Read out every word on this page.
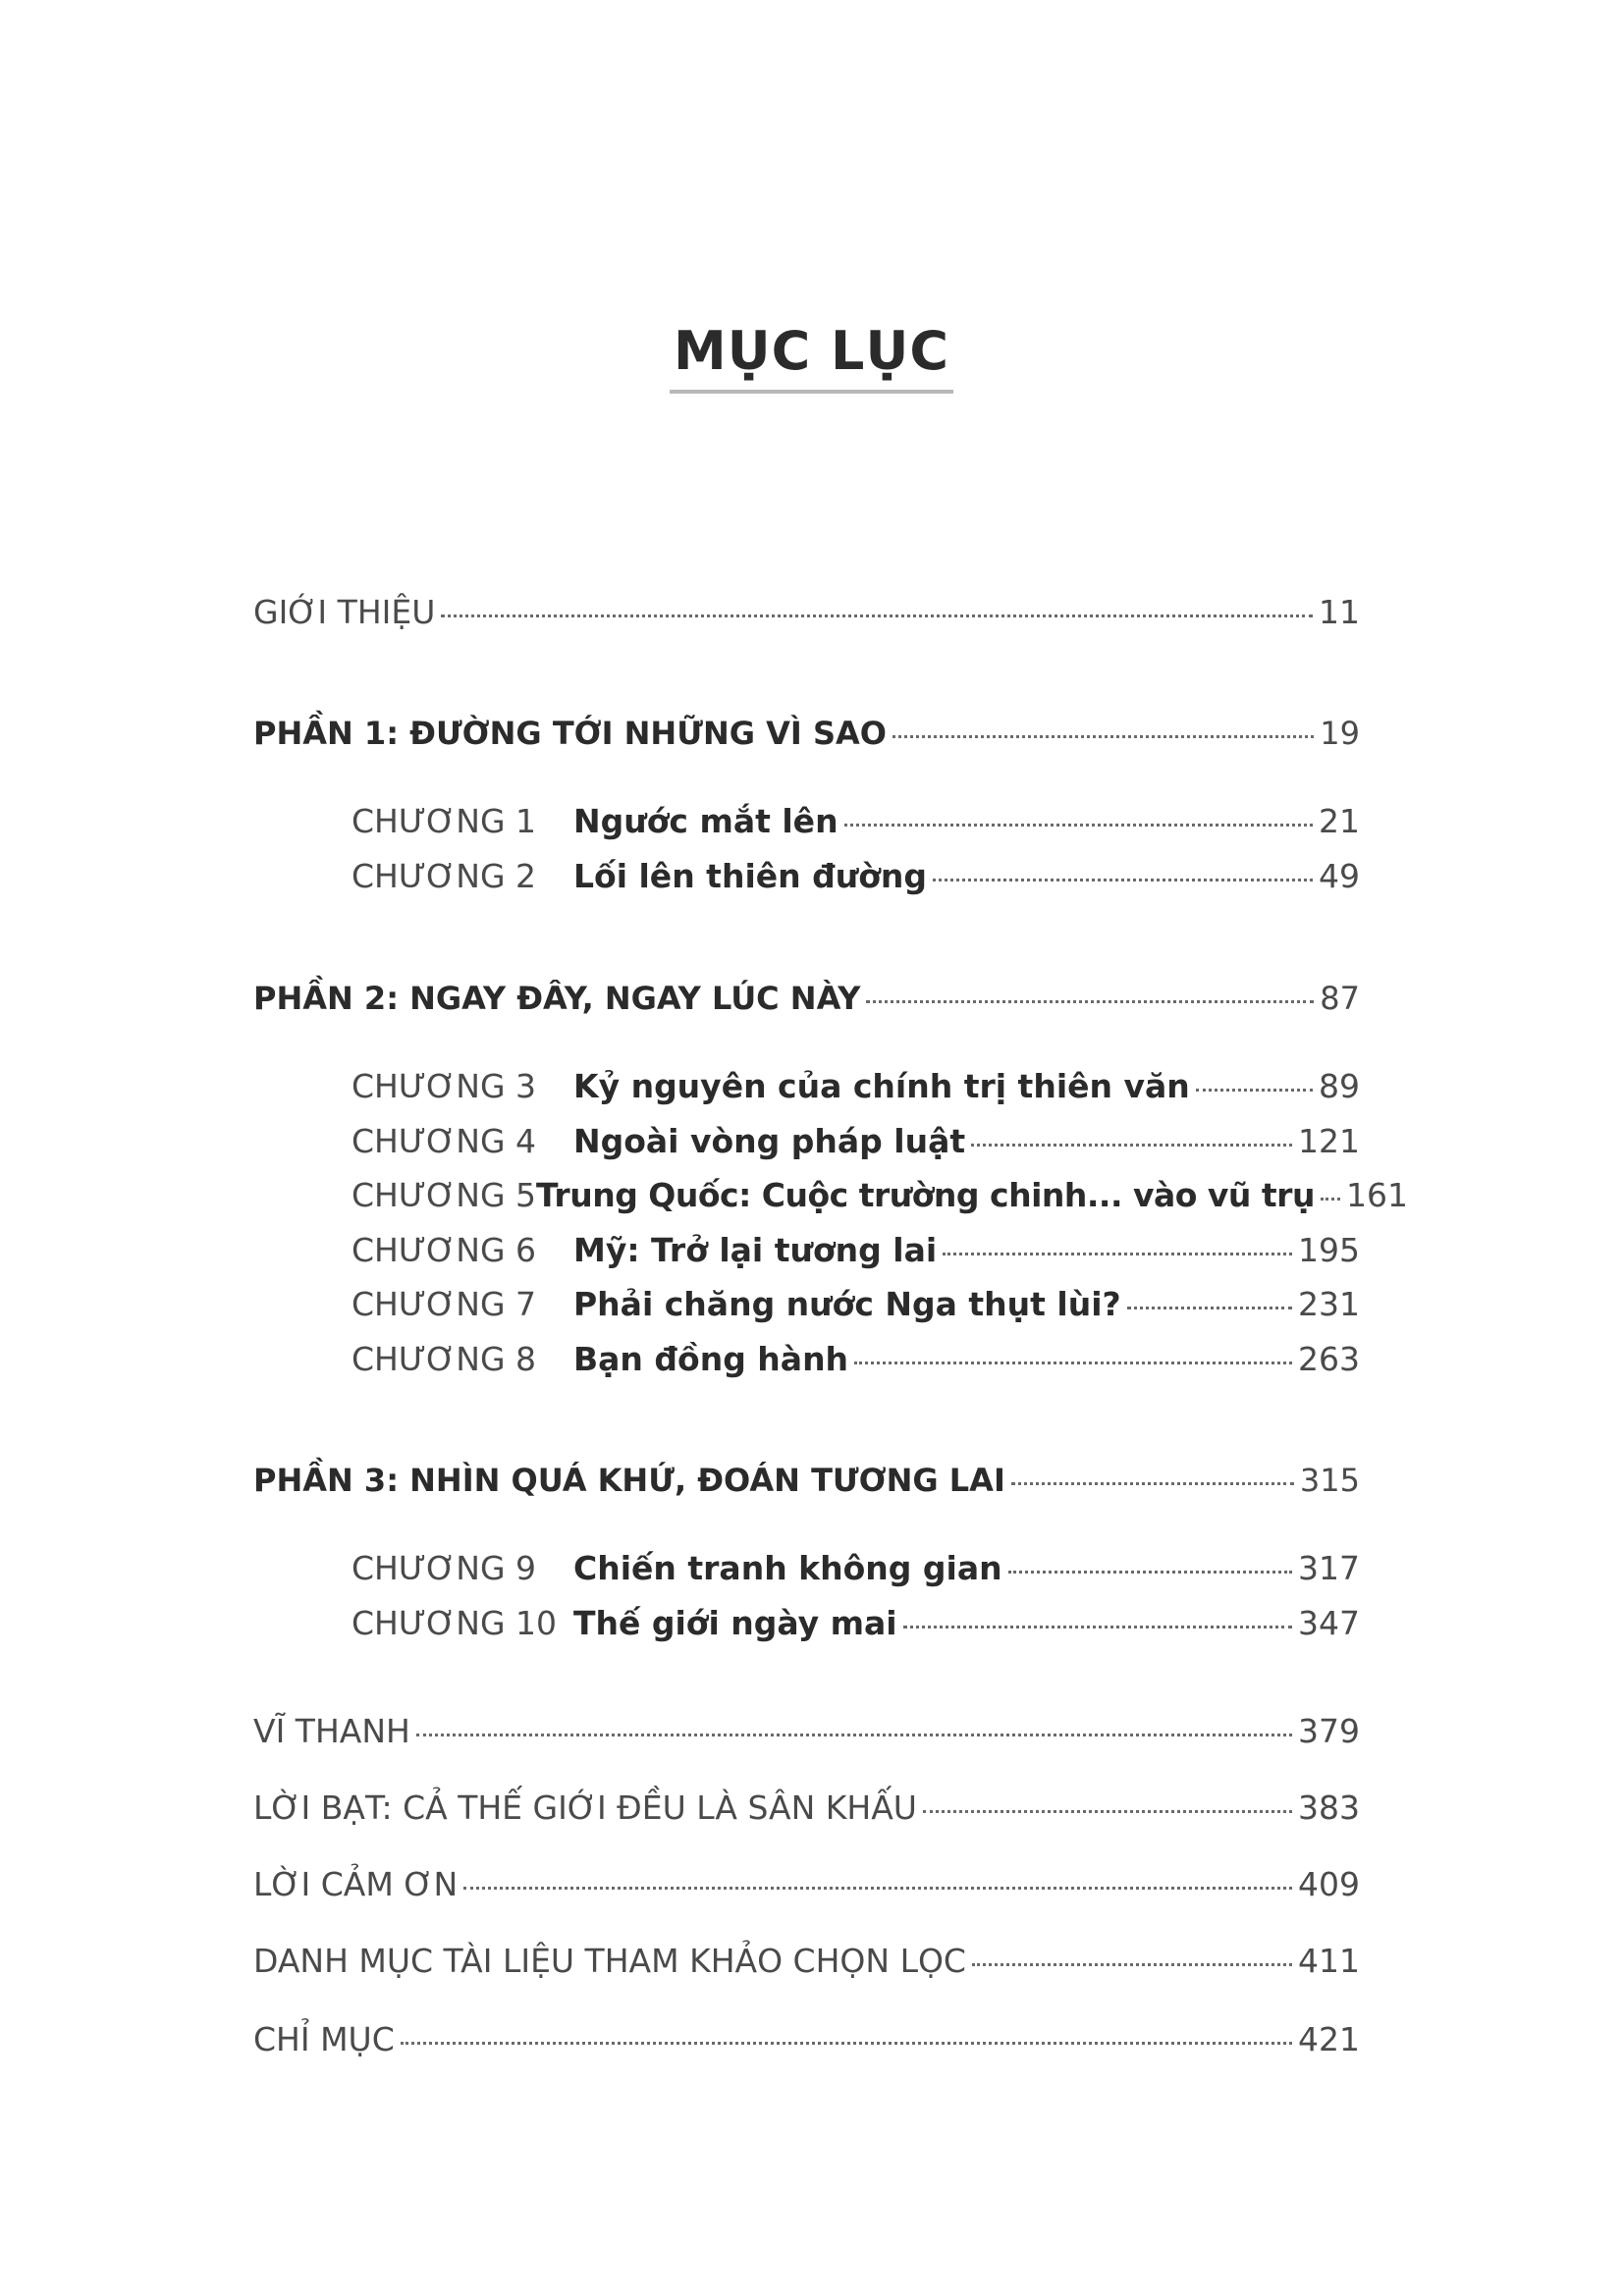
MỤC LỤC
GIỚI THIỆU	11
PHẦN 1: ĐƯỜNG TỚI NHỮNG VÌ SAO	19
CHƯƠNG 1	Ngước mắt lên	21
CHƯƠNG 2	Lối lên thiên đường	49
PHẦN 2: NGAY ĐÂY, NGAY LÚC NÀY	87
CHƯƠNG 3	Kỷ nguyên của chính trị thiên văn	89
CHƯƠNG 4	Ngoài vòng pháp luật	121
CHƯƠNG 5 Trung Quốc: Cuộc trường chinh... vào vũ trụ 161
CHƯƠNG 6	Mỹ: Trở lại tương lai	195
CHƯƠNG 7	Phải chăng nước Nga thụt lùi?	231
CHƯƠNG 8	Bạn đồng hành	263
PHẦN 3: NHÌN QUÁ KHỨ, ĐOÁN TƯƠNG LAI	315
CHƯƠNG 9	Chiến tranh không gian	317
CHƯƠNG 10 Thế giới ngày mai	347
VĨ THANH	379
LỜI BẠT: CẢ THẾ GIỚI ĐỀU LÀ SÂN KHẤU	383
LỜI CẢM ƠN	409
DANH MỤC TÀI LIỆU THAM KHẢO CHỌN LỌC	411
CHỈ MỤC	421
